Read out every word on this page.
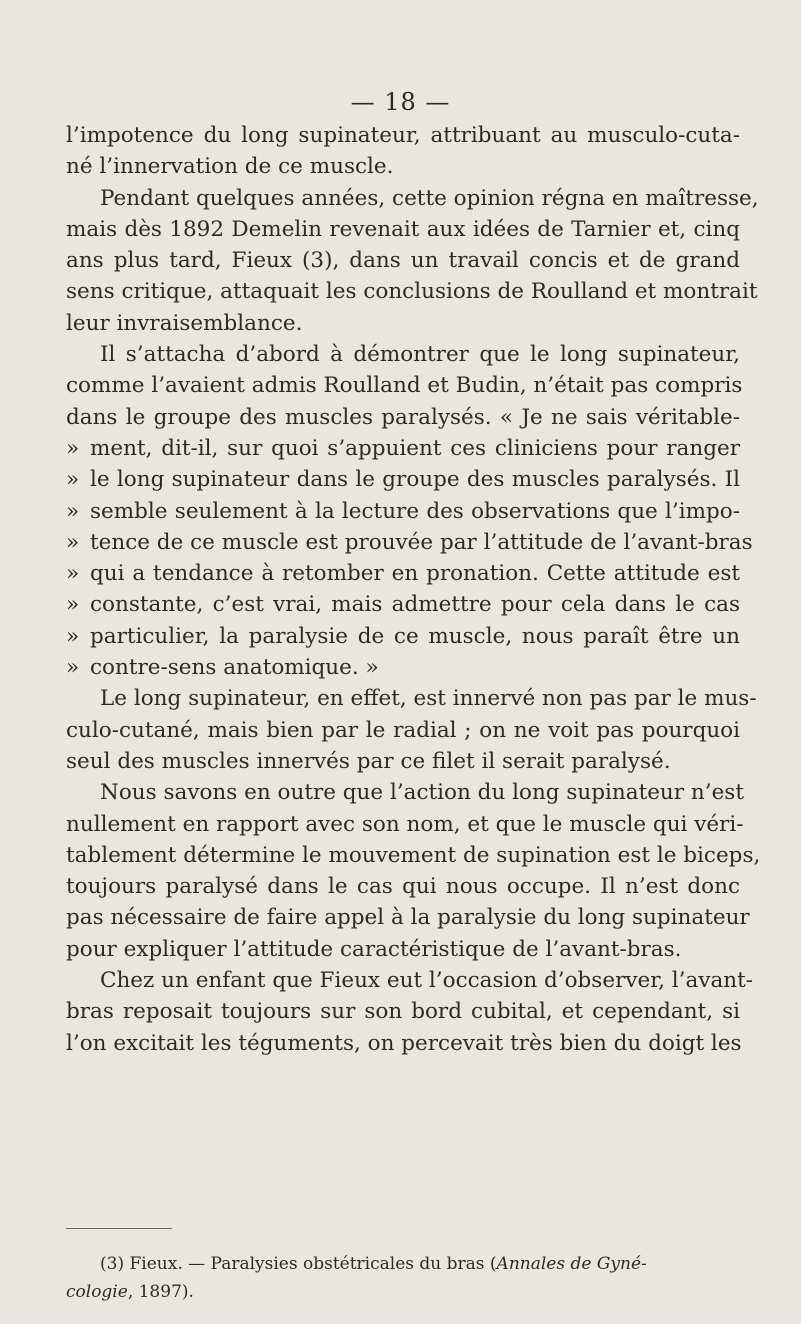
— 18 —
l’impotence du long supinateur, attribuant au musculo-cuta-
né l’innervation de ce muscle.
Pendant quelques années, cette opinion régna en maîtresse,
mais dès 1892 Demelin revenait aux idées de Tarnier et, cinq
ans plus tard, Fieux (3), dans un travail concis et de grand
sens critique, attaquait les conclusions de Roulland et montrait
leur invraisemblance.
Il s’attacha d’abord à démontrer que le long supinateur,
comme l’avaient admis Roulland et Budin, n’était pas compris
dans le groupe des muscles paralysés. « Je ne sais véritable-
» ment, dit-il, sur quoi s’appuient ces cliniciens pour ranger
» le long supinateur dans le groupe des muscles paralysés. Il
» semble seulement à la lecture des observations que l’impo-
» tence de ce muscle est prouvée par l’attitude de l’avant-bras
» qui a tendance à retomber en pronation. Cette attitude est
» constante, c’est vrai, mais admettre pour cela dans le cas
» particulier, la paralysie de ce muscle, nous paraît être un
» contre-sens anatomique. »
Le long supinateur, en effet, est innervé non pas par le mus-
culo-cutané, mais bien par le radial ; on ne voit pas pourquoi
seul des muscles innervés par ce filet il serait paralysé.
Nous savons en outre que l’action du long supinateur n’est
nullement en rapport avec son nom, et que le muscle qui véri-
tablement détermine le mouvement de supination est le biceps,
toujours paralysé dans le cas qui nous occupe. Il n’est donc
pas nécessaire de faire appel à la paralysie du long supinateur
pour expliquer l’attitude caractéristique de l’avant-bras.
Chez un enfant que Fieux eut l’occasion d’observer, l’avant-
bras reposait toujours sur son bord cubital, et cependant, si
l’on excitait les téguments, on percevait très bien du doigt les
(3) Fieux. — Paralysies obstétricales du bras (Annales de Gyné-
cologie, 1897).
